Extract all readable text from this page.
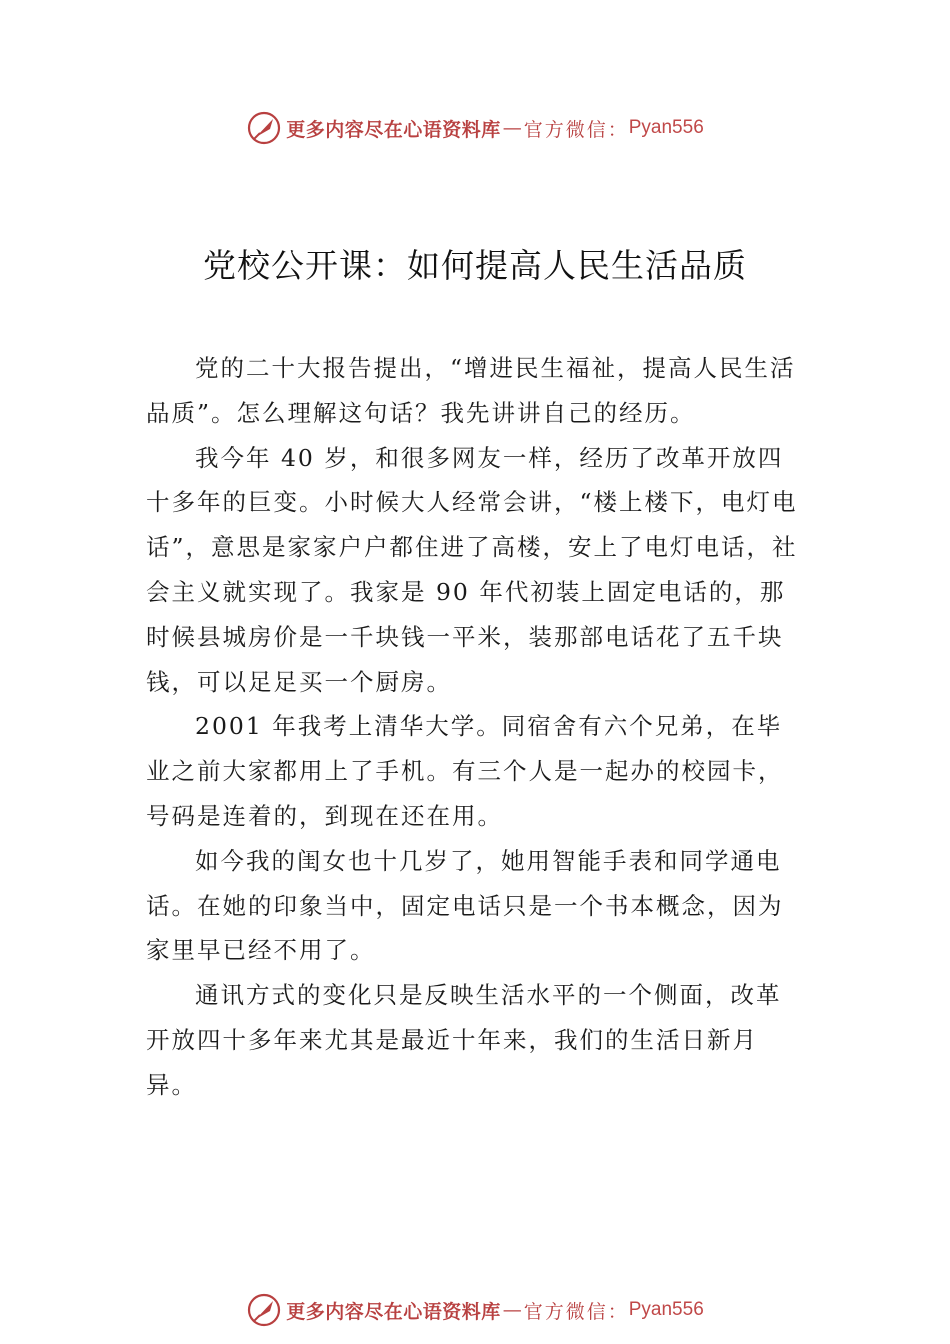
更多内容尽在心语资料库 — 官方微信： Pyan556
党校公开课：如何提高人民生活品质

党的二十大报告提出，“增进民生福祉，提高人民生活品质”。怎么理解这句话？我先讲讲自己的经历。

我今年 40 岁，和很多网友一样，经历了改革开放四十多年的巨变。小时候大人经常会讲，“楼上楼下，电灯电话”，意思是家家户户都住进了高楼，安上了电灯电话，社会主义就实现了。我家是 90 年代初装上固定电话的，那时候县城房价是一千块钱一平米，装那部电话花了五千块钱，可以足足买一个厨房。

2001 年我考上清华大学。同宿舍有六个兄弟，在毕业之前大家都用上了手机。有三个人是一起办的校园卡，号码是连着的，到现在还在用。

如今我的闺女也十几岁了，她用智能手表和同学通电话。在她的印象当中，固定电话只是一个书本概念，因为家里早已经不用了。

通讯方式的变化只是反映生活水平的一个侧面，改革开放四十多年来尤其是最近十年来，我们的生活日新月异。

更多内容尽在心语资料库 — 官方微信： Pyan556
